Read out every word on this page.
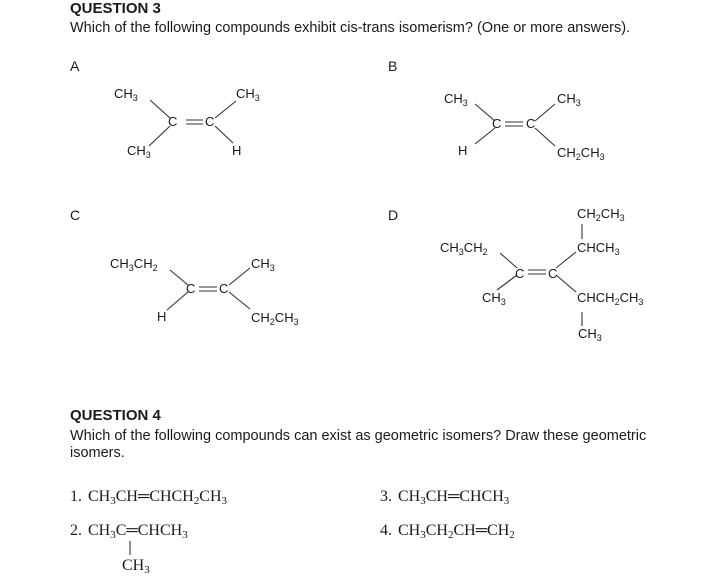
QUESTION 3
Which of the following compounds exhibit cis-trans isomerism? (One or more answers).
A	B
C	D
$CH_3$	$CH_3$
C C
$CH_3$	H
$CH_3$	$CH_3$
C C
H	$CH_2CH_3$
$CH_3CH_2$	$CH_3$
C C
H	$CH_2CH_3$
$CH_2CH_3$
$CHCH_3$
$CH_3CH_2$
C C
$CH_3$	$CHCH_2CH_3$
$CH_3$
QUESTION 4
Which of the following compounds can exist as geometric isomers? Draw these geometric
isomers.
1. $CH_3CH═CHCH_2CH_3$
2. $CH_3C═CHCH_3$
$CH_3$
3. $CH_3CH═CHCH_3$
4. $CH_3CH_2CH═CH_2$
